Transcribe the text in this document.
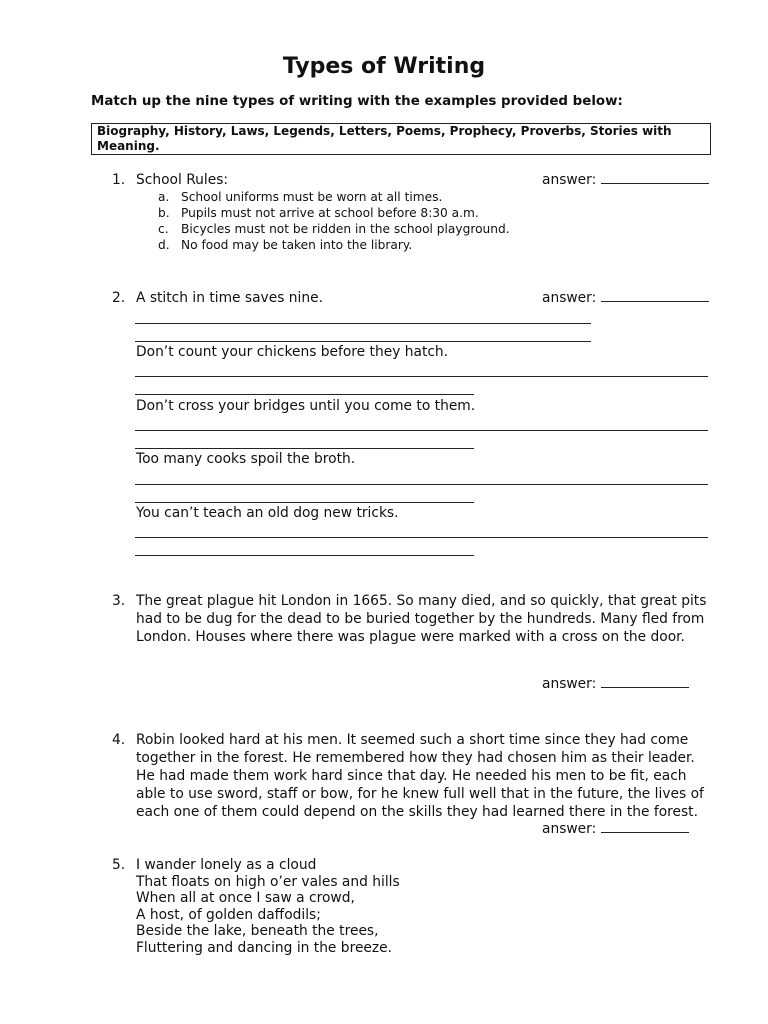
Types of Writing
Match up the nine types of writing with the examples provided below:
Biography, History, Laws, Legends, Letters, Poems, Prophecy, Proverbs, Stories with Meaning.
1. School Rules:	answer:
a. School uniforms must be worn at all times.
b. Pupils must not arrive at school before 8:30 a.m.
c. Bicycles must not be ridden in the school playground.
d. No food may be taken into the library.
2. A stitch in time saves nine.	answer:
Don’t count your chickens before they hatch.
Don’t cross your bridges until you come to them.
Too many cooks spoil the broth.
You can’t teach an old dog new tricks.
3. The great plague hit London in 1665. So many died, and so quickly, that great pits had to be dug for the dead to be buried together by the hundreds. Many fled from London. Houses where there was plague were marked with a cross on the door.
answer:
4. Robin looked hard at his men. It seemed such a short time since they had come together in the forest. He remembered how they had chosen him as their leader. He had made them work hard since that day. He needed his men to be fit, each able to use sword, staff or bow, for he knew full well that in the future, the lives of each one of them could depend on the skills they had learned there in the forest.
answer:
5. I wander lonely as a cloud
That floats on high o’er vales and hills
When all at once I saw a crowd,
A host, of golden daffodils;
Beside the lake, beneath the trees,
Fluttering and dancing in the breeze.
